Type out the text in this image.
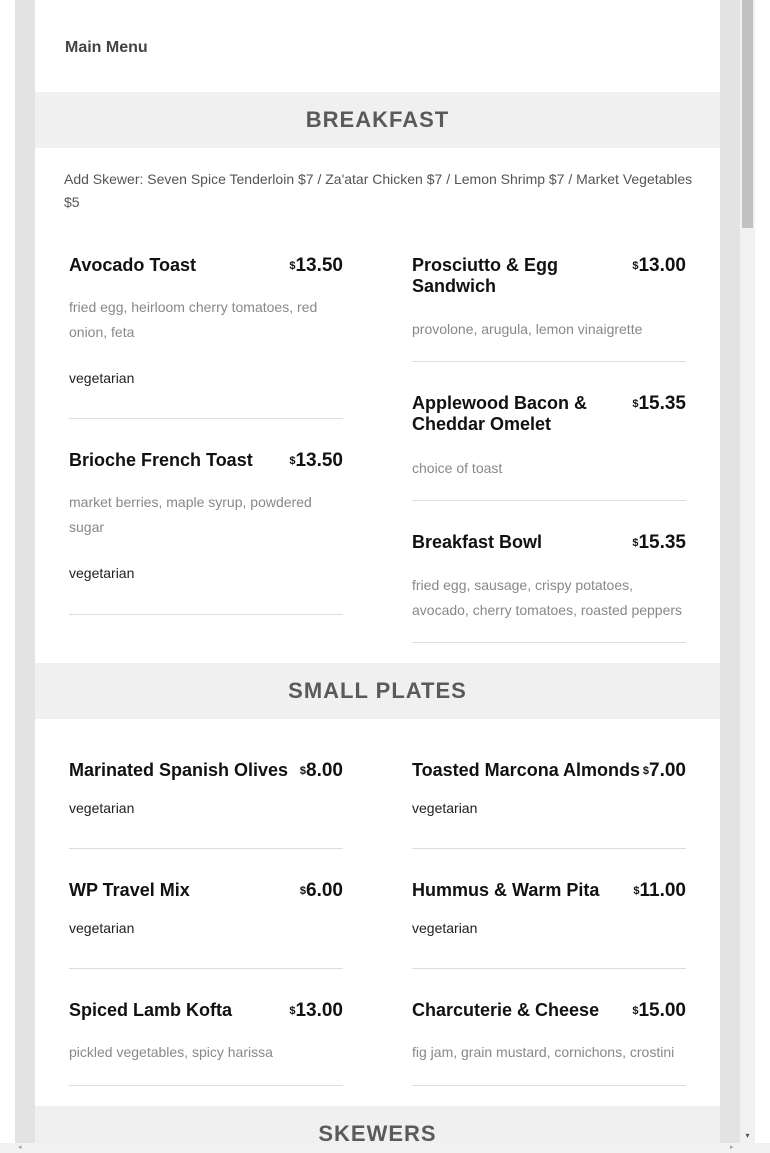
Main Menu
BREAKFAST
Add Skewer: Seven Spice Tenderloin $7 / Za'atar Chicken $7 / Lemon Shrimp $7 / Market Vegetables $5
Avocado Toast	$13.50
fried egg, heirloom cherry tomatoes, red onion, feta
vegetarian
Brioche French Toast	$13.50
market berries, maple syrup, powdered sugar
vegetarian
Prosciutto & Egg Sandwich
$13.00
provolone, arugula, lemon vinaigrette
Applewood Bacon & Cheddar Omelet
$15.35
choice of toast
Breakfast Bowl	$15.35
fried egg, sausage, crispy potatoes, avocado, cherry tomatoes, roasted peppers
SMALL PLATES
Marinated Spanish Olives $8.00
vegetarian
Toasted Marcona Almonds $7.00
vegetarian
WP Travel Mix	$6.00
vegetarian
Hummus & Warm Pita	$11.00
vegetarian
Spiced Lamb Kofta	$13.00
pickled vegetables, spicy harissa
Charcuterie & Cheese	$15.00
fig jam, grain mustard, cornichons, crostini
SKEWERS	▾
◂	▸
